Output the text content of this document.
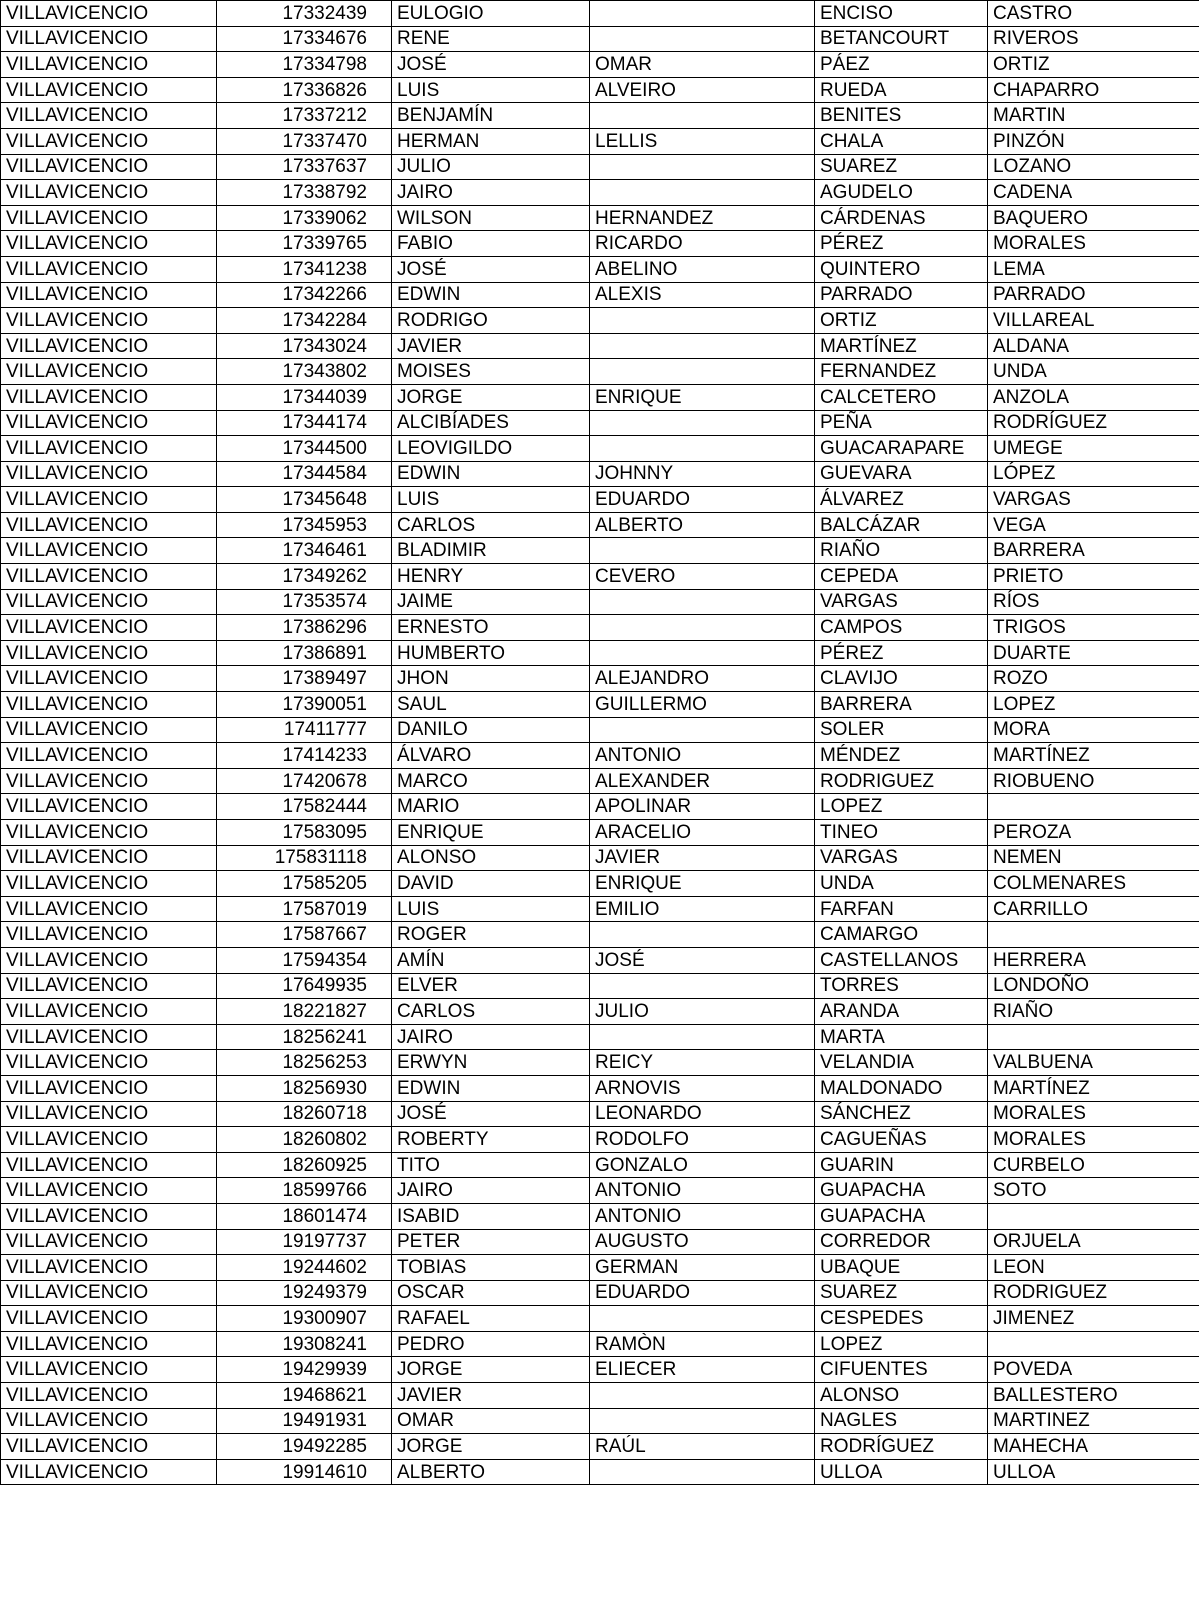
VILLAVICENCIO	17332439	EULOGIO		ENCISO	CASTRO
VILLAVICENCIO	17334676	RENE		BETANCOURT	RIVEROS
VILLAVICENCIO	17334798	JOSÉ	OMAR	PÁEZ	ORTIZ
VILLAVICENCIO	17336826	LUIS	ALVEIRO	RUEDA	CHAPARRO
VILLAVICENCIO	17337212	BENJAMÍN		BENITES	MARTIN
VILLAVICENCIO	17337470	HERMAN	LELLIS	CHALA	PINZÓN
VILLAVICENCIO	17337637	JULIO		SUAREZ	LOZANO
VILLAVICENCIO	17338792	JAIRO		AGUDELO	CADENA
VILLAVICENCIO	17339062	WILSON	HERNANDEZ	CÁRDENAS	BAQUERO
VILLAVICENCIO	17339765	FABIO	RICARDO	PÉREZ	MORALES
VILLAVICENCIO	17341238	JOSÉ	ABELINO	QUINTERO	LEMA
VILLAVICENCIO	17342266	EDWIN	ALEXIS	PARRADO	PARRADO
VILLAVICENCIO	17342284	RODRIGO		ORTIZ	VILLAREAL
VILLAVICENCIO	17343024	JAVIER		MARTÍNEZ	ALDANA
VILLAVICENCIO	17343802	MOISES		FERNANDEZ	UNDA
VILLAVICENCIO	17344039	JORGE	ENRIQUE	CALCETERO	ANZOLA
VILLAVICENCIO	17344174	ALCIBÍADES		PEÑA	RODRÍGUEZ
VILLAVICENCIO	17344500	LEOVIGILDO		GUACARAPARE	UMEGE
VILLAVICENCIO	17344584	EDWIN	JOHNNY	GUEVARA	LÓPEZ
VILLAVICENCIO	17345648	LUIS	EDUARDO	ÁLVAREZ	VARGAS
VILLAVICENCIO	17345953	CARLOS	ALBERTO	BALCÁZAR	VEGA
VILLAVICENCIO	17346461	BLADIMIR		RIAÑO	BARRERA
VILLAVICENCIO	17349262	HENRY	CEVERO	CEPEDA	PRIETO
VILLAVICENCIO	17353574	JAIME		VARGAS	RÍOS
VILLAVICENCIO	17386296	ERNESTO		CAMPOS	TRIGOS
VILLAVICENCIO	17386891	HUMBERTO		PÉREZ	DUARTE
VILLAVICENCIO	17389497	JHON	ALEJANDRO	CLAVIJO	ROZO
VILLAVICENCIO	17390051	SAUL	GUILLERMO	BARRERA	LOPEZ
VILLAVICENCIO	17411777	DANILO		SOLER	MORA
VILLAVICENCIO	17414233	ÁLVARO	ANTONIO	MÉNDEZ	MARTÍNEZ
VILLAVICENCIO	17420678	MARCO	ALEXANDER	RODRIGUEZ	RIOBUENO
VILLAVICENCIO	17582444	MARIO	APOLINAR	LOPEZ	
VILLAVICENCIO	17583095	ENRIQUE	ARACELIO	TINEO	PEROZA
VILLAVICENCIO	175831118	ALONSO	JAVIER	VARGAS	NEMEN
VILLAVICENCIO	17585205	DAVID	ENRIQUE	UNDA	COLMENARES
VILLAVICENCIO	17587019	LUIS	EMILIO	FARFAN	CARRILLO
VILLAVICENCIO	17587667	ROGER		CAMARGO	
VILLAVICENCIO	17594354	AMÍN	JOSÉ	CASTELLANOS	HERRERA
VILLAVICENCIO	17649935	ELVER		TORRES	LONDOÑO
VILLAVICENCIO	18221827	CARLOS	JULIO	ARANDA	RIAÑO
VILLAVICENCIO	18256241	JAIRO		MARTA	
VILLAVICENCIO	18256253	ERWYN	REICY	VELANDIA	VALBUENA
VILLAVICENCIO	18256930	EDWIN	ARNOVIS	MALDONADO	MARTÍNEZ
VILLAVICENCIO	18260718	JOSÉ	LEONARDO	SÁNCHEZ	MORALES
VILLAVICENCIO	18260802	ROBERTY	RODOLFO	CAGUEÑAS	MORALES
VILLAVICENCIO	18260925	TITO	GONZALO	GUARIN	CURBELO
VILLAVICENCIO	18599766	JAIRO	ANTONIO	GUAPACHA	SOTO
VILLAVICENCIO	18601474	ISABID	ANTONIO	GUAPACHA	
VILLAVICENCIO	19197737	PETER	AUGUSTO	CORREDOR	ORJUELA
VILLAVICENCIO	19244602	TOBIAS	GERMAN	UBAQUE	LEON
VILLAVICENCIO	19249379	OSCAR	EDUARDO	SUAREZ	RODRIGUEZ
VILLAVICENCIO	19300907	RAFAEL		CESPEDES	JIMENEZ
VILLAVICENCIO	19308241	PEDRO	RAMÒN	LOPEZ	
VILLAVICENCIO	19429939	JORGE	ELIECER	CIFUENTES	POVEDA
VILLAVICENCIO	19468621	JAVIER		ALONSO	BALLESTERO
VILLAVICENCIO	19491931	OMAR		NAGLES	MARTINEZ
VILLAVICENCIO	19492285	JORGE	RAÚL	RODRÍGUEZ	MAHECHA
VILLAVICENCIO	19914610	ALBERTO		ULLOA	ULLOA
